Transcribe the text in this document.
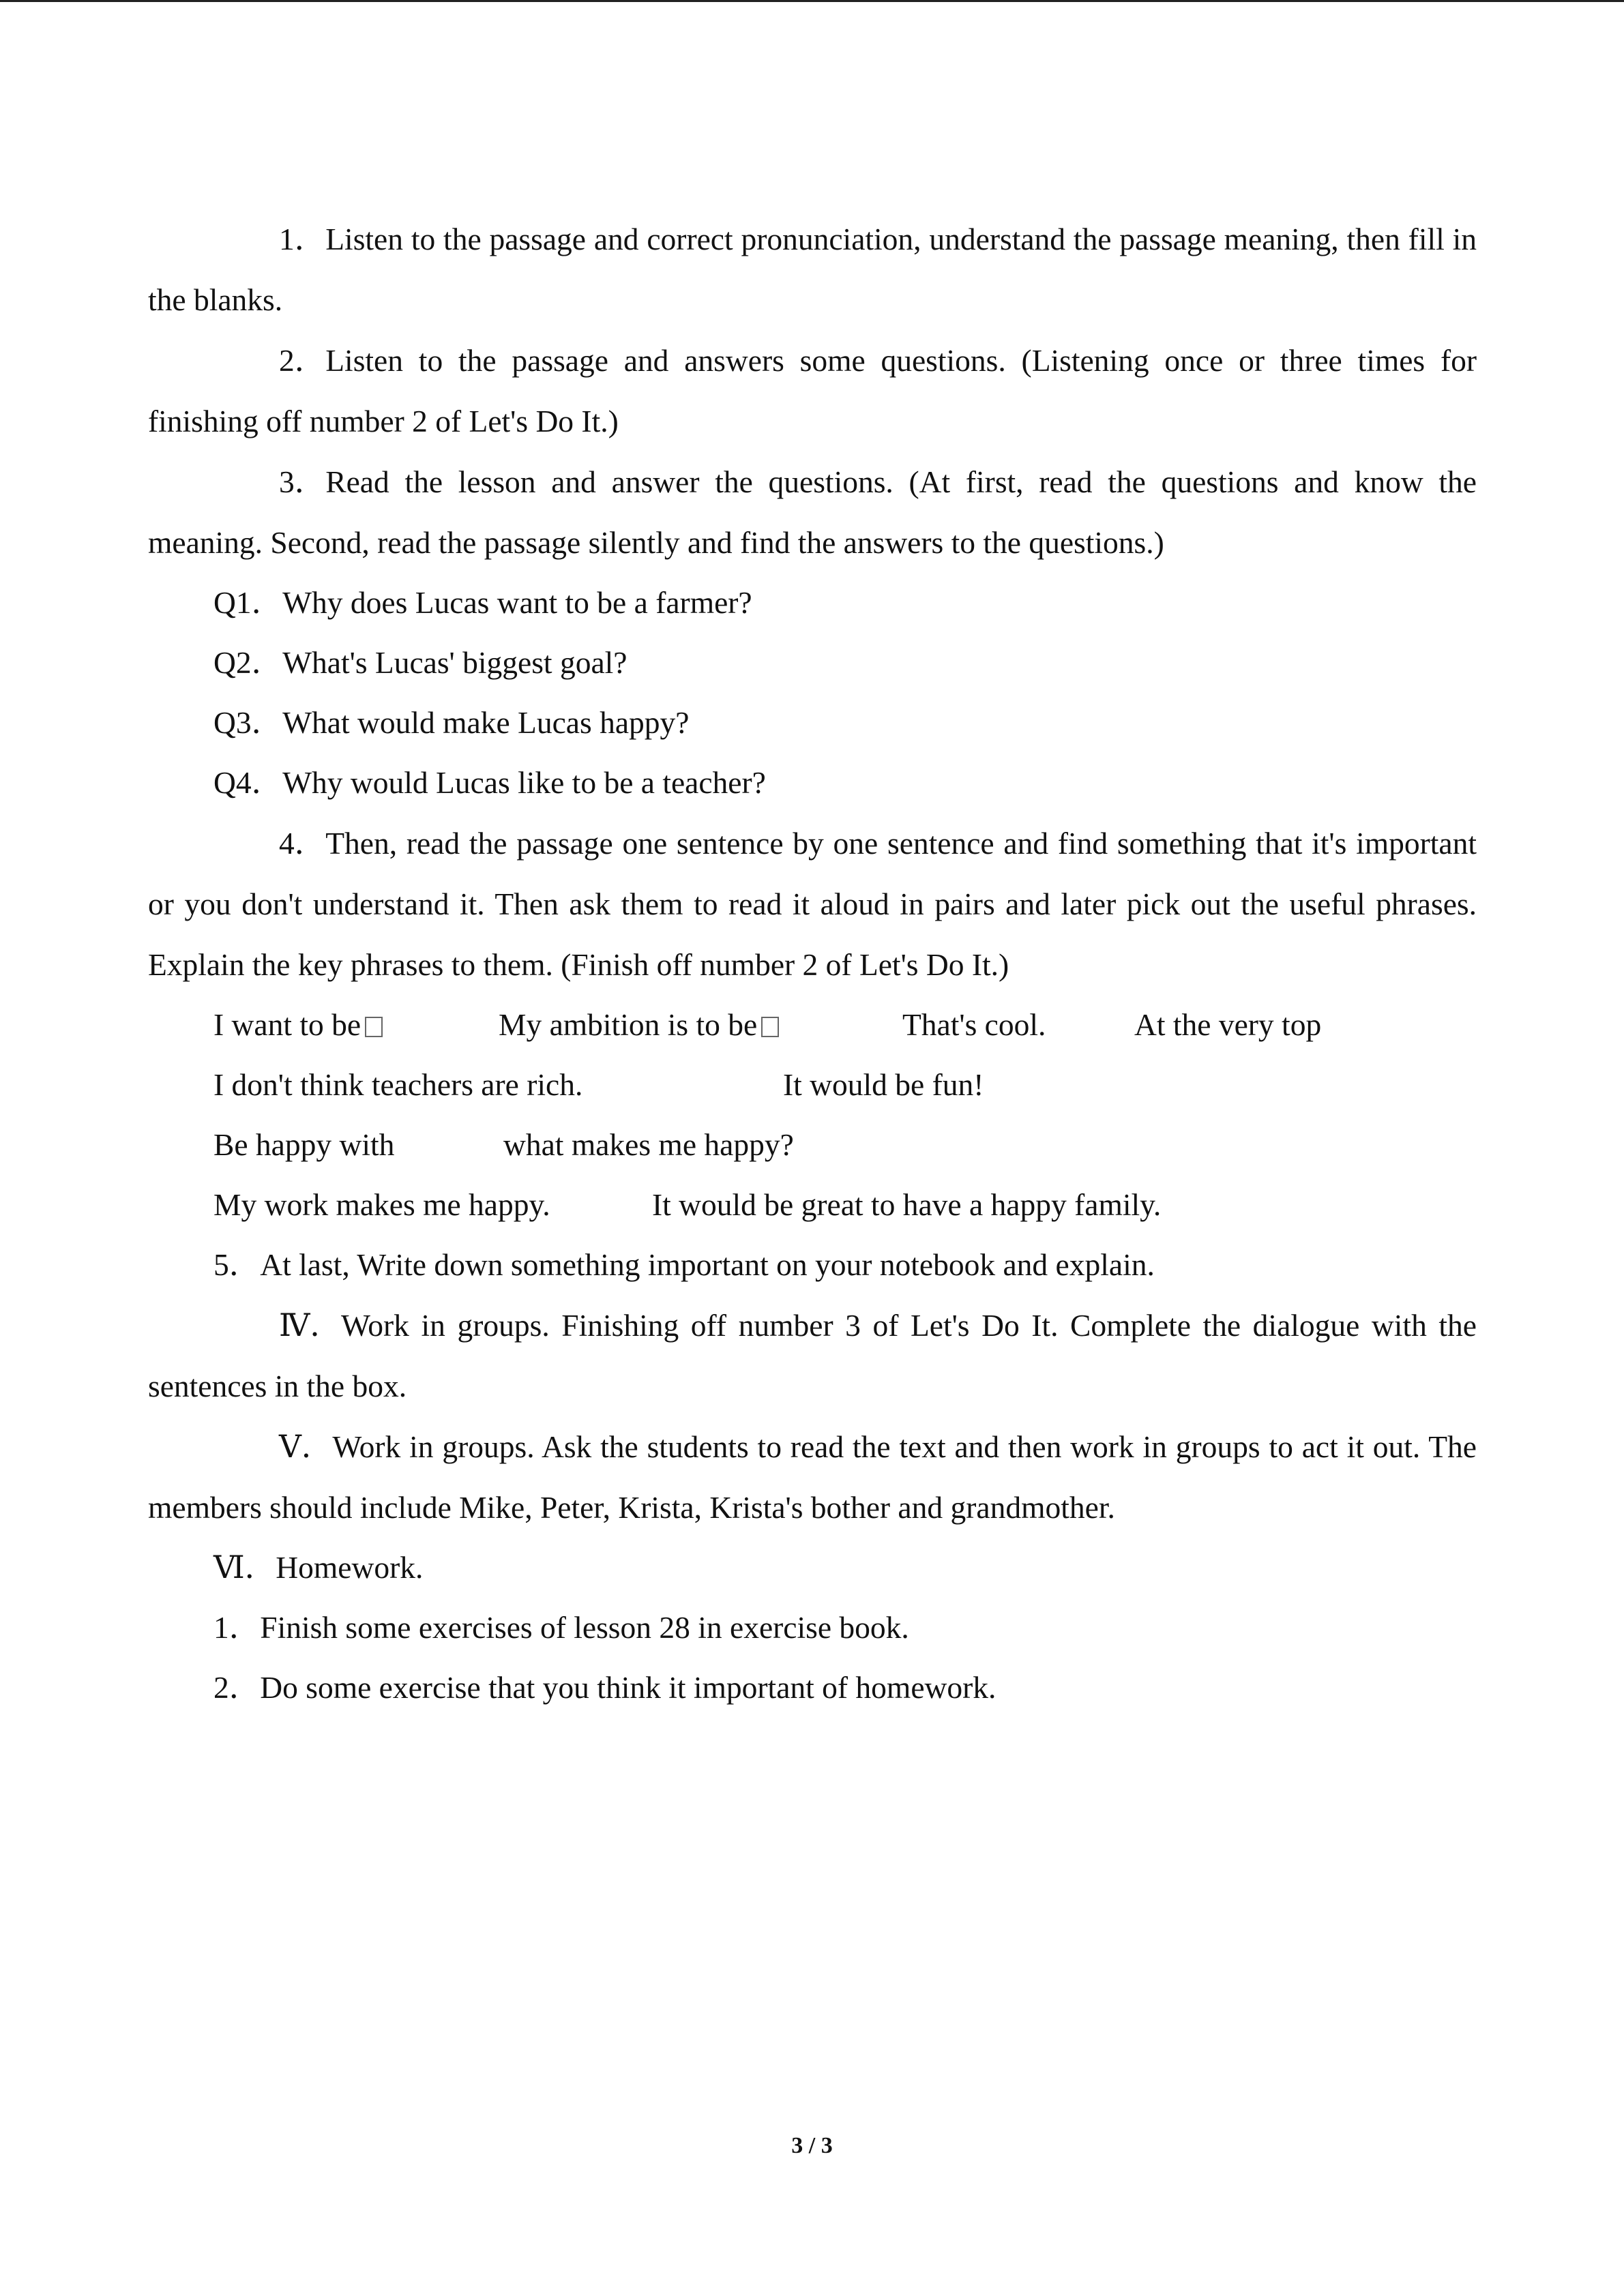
1．Listen to the passage and correct pronunciation, understand the passage meaning, then fill in the blanks.

2．Listen to the passage and answers some questions. (Listening once or three times for finishing off number 2 of Let's Do It.)

3．Read the lesson and answer the questions. (At first, read the questions and know the meaning. Second, read the passage silently and find the answers to the questions.)

Q1．Why does Lucas want to be a farmer?

Q2．What's Lucas' biggest goal?

Q3．What would make Lucas happy?

Q4．Why would Lucas like to be a teacher?

4．Then, read the passage one sentence by one sentence and find something that it's important or you don't understand it. Then ask them to read it aloud in pairs and later pick out the useful phrases. Explain the key phrases to them. (Finish off number 2 of Let's Do It.)

I want to be	My ambition is to be	That's cool.	At the very top

I don't think teachers are rich.	It would be fun!

Be happy with	what makes me happy?

My work makes me happy.	It would be great to have a happy family.

5．At last, Write down something important on your notebook and explain.

Ⅳ．Work in groups. Finishing off number 3 of Let's Do It. Complete the dialogue with the sentences in the box.

Ⅴ．Work in groups. Ask the students to read the text and then work in groups to act it out. The members should include Mike, Peter, Krista, Krista's bother and grandmother.

Ⅵ．Homework.

1．Finish some exercises of lesson 28 in exercise book.

2．Do some exercise that you think it important of homework.

3 / 3
